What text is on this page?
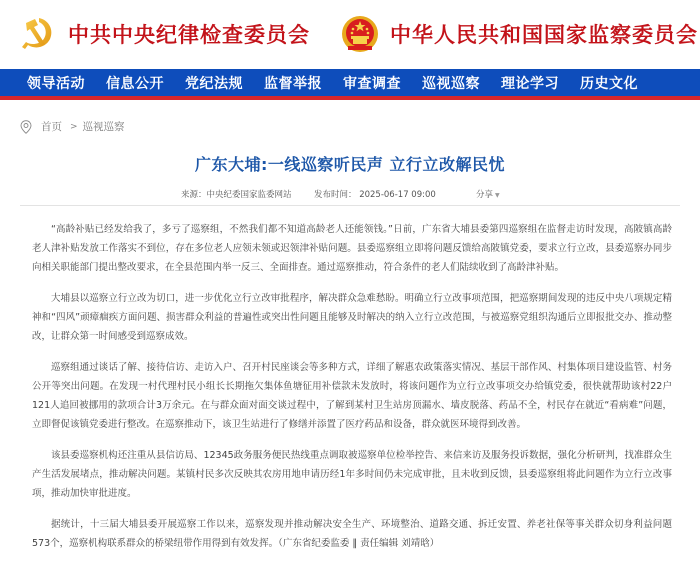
中共中央纪律检查委员会	中华人民共和国国家监察委员会
领导活动 信息公开 党纪法规 监督举报 审查调查 巡视巡察 理论学习 历史文化
首页 > 巡视巡察
广东大埔:一线巡察听民声 立行立改解民忧
来源：中央纪委国家监委网站	发布时间： 2025-06-17 09:00	分享 ▼

“高龄补贴已经发给我了，多亏了巡察组，不然我们都不知道高龄老人还能领钱。”日前，广东省大埔县委第四巡察组在监督走访时发现，高陂镇高龄老人津补贴发放工作落实不到位，存在多位老人应领未领或迟领津补贴问题。县委巡察组立即将问题反馈给高陂镇党委，要求立行立改，县委巡察办同步向相关职能部门提出整改要求，在全县范围内举一反三、全面排查。通过巡察推动，符合条件的老人们陆续收到了高龄津补贴。

大埔县以巡察立行立改为切口，进一步优化立行立改审批程序，解决群众急难愁盼。明确立行立改事项范围，把巡察期间发现的违反中央八项规定精神和“四风”顽瘴痼疾方面问题、损害群众利益的普遍性或突出性问题且能够及时解决的纳入立行立改范围，与被巡察党组织沟通后立即报批交办、推动整改，让群众第一时间感受到巡察成效。

巡察组通过谈话了解、接待信访、走访入户、召开村民座谈会等多种方式，详细了解惠农政策落实情况、基层干部作风、村集体项目建设监管、村务公开等突出问题。在发现一村代理村民小组长长期拖欠集体鱼塘征用补偿款未发放时，将该问题作为立行立改事项交办给镇党委，很快就帮助该村22户121人追回被挪用的款项合计3万余元。在与群众面对面交谈过程中，了解到某村卫生站房顶漏水、墙皮脱落、药品不全，村民存在就近“看病难”问题，立即督促该镇党委进行整改。在巡察推动下，该卫生站进行了修缮并添置了医疗药品和设备，群众就医环境得到改善。

该县委巡察机构还注重从县信访局、12345政务服务便民热线重点调取被巡察单位检举控告、来信来访及服务投诉数据，强化分析研判，找准群众生产生活发展堵点，推动解决问题。某镇村民多次反映其农房用地申请历经1年多时间仍未完成审批，且未收到反馈，县委巡察组将此问题作为立行立改事项，推动加快审批进度。

据统计，十三届大埔县委开展巡察工作以来，巡察发现并推动解决安全生产、环境整治、道路交通、拆迁安置、养老社保等事关群众切身利益问题573个，巡察机构联系群众的桥梁纽带作用得到有效发挥。（广东省纪委监委 ‖ 责任编辑 刘靖晗）
